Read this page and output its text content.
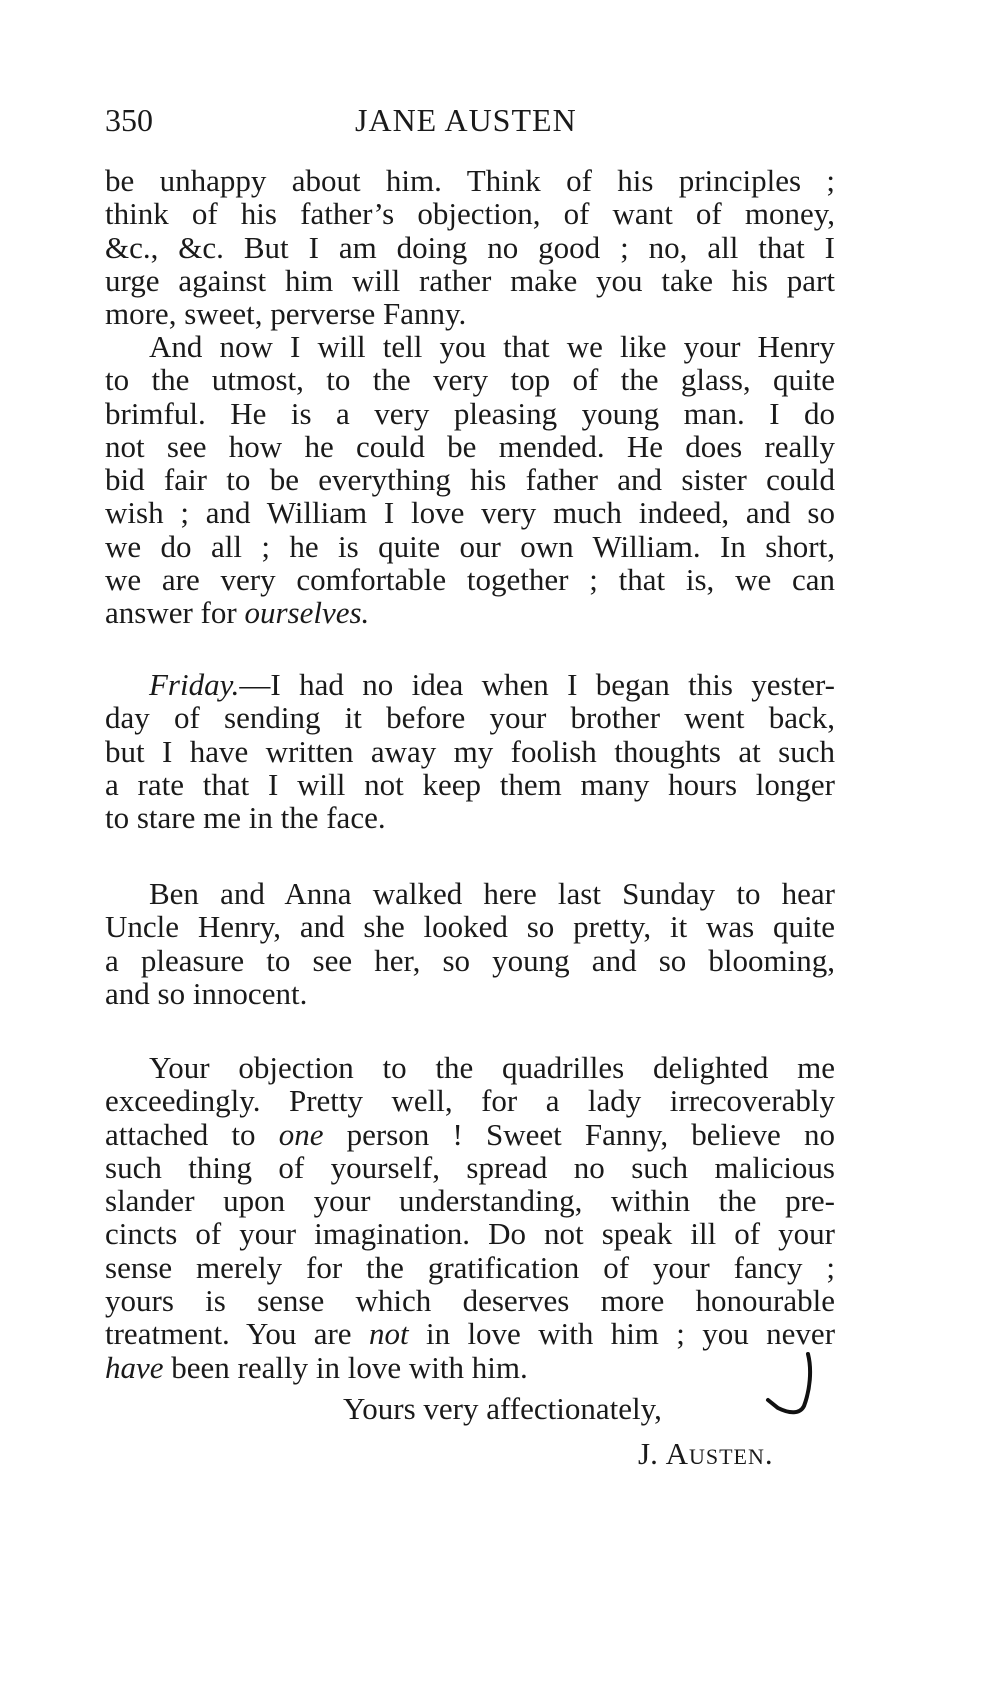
350	JANE AUSTEN
be unhappy about him. Think of his principles ;
think of his father’s objection, of want of money,
&c., &c. But I am doing no good ; no, all that I
urge against him will rather make you take his part
more, sweet, perverse Fanny.
And now I will tell you that we like your Henry
to the utmost, to the very top of the glass, quite
brimful. He is a very pleasing young man. I do
not see how he could be mended. He does really
bid fair to be everything his father and sister could
wish ; and William I love very much indeed, and so
we do all ; he is quite our own William. In short,
we are very comfortable together ; that is, we can
answer for ourselves.
Friday.—I had no idea when I began this yester-
day of sending it before your brother went back,
but I have written away my foolish thoughts at such
a rate that I will not keep them many hours longer
to stare me in the face.
Ben and Anna walked here last Sunday to hear
Uncle Henry, and she looked so pretty, it was quite
a pleasure to see her, so young and so blooming,
and so innocent.
Your objection to the quadrilles delighted me
exceedingly. Pretty well, for a lady irrecoverably
attached to one person ! Sweet Fanny, believe no
such thing of yourself, spread no such malicious
slander upon your understanding, within the pre-
cincts of your imagination. Do not speak ill of your
sense merely for the gratification of your fancy ;
yours is sense which deserves more honourable
treatment. You are not in love with him ; you never
have been really in love with him.
Yours very affectionately,
J. Austen.
